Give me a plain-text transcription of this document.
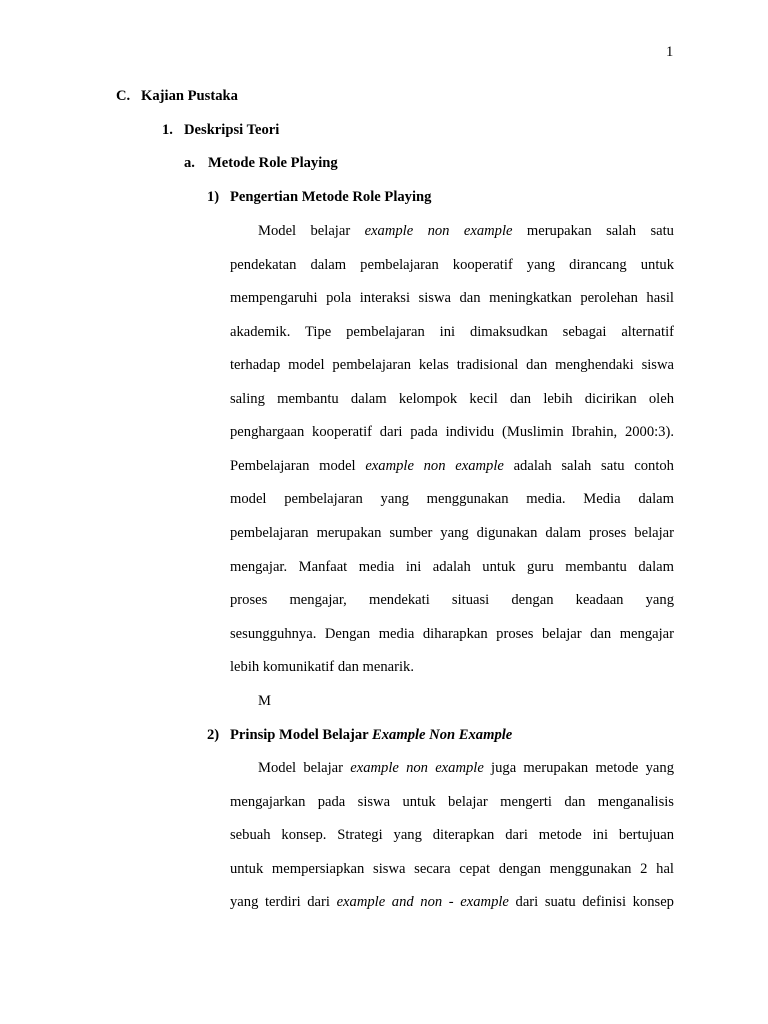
1
C. Kajian Pustaka
1. Deskripsi Teori
a. Metode Role Playing
1) Pengertian Metode Role Playing
Model belajar example non example merupakan salah satu
pendekatan dalam pembelajaran kooperatif yang dirancang untuk
mempengaruhi pola interaksi siswa dan meningkatkan perolehan hasil
akademik. Tipe pembelajaran ini dimaksudkan sebagai alternatif
terhadap model pembelajaran kelas tradisional dan menghendaki siswa
saling membantu dalam kelompok kecil dan lebih dicirikan oleh
penghargaan kooperatif dari pada individu (Muslimin Ibrahin, 2000:3).
Pembelajaran model example non example adalah salah satu contoh
model pembelajaran yang menggunakan media. Media dalam
pembelajaran merupakan sumber yang digunakan dalam proses belajar
mengajar. Manfaat media ini adalah untuk guru membantu dalam
proses mengajar, mendekati situasi dengan keadaan yang
sesungguhnya. Dengan media diharapkan proses belajar dan mengajar
lebih komunikatif dan menarik.
M
2) Prinsip Model Belajar Example Non Example
Model belajar example non example juga merupakan metode yang
mengajarkan pada siswa untuk belajar mengerti dan menganalisis
sebuah konsep. Strategi yang diterapkan dari metode ini bertujuan
untuk mempersiapkan siswa secara cepat dengan menggunakan 2 hal
yang terdiri dari example and non - example dari suatu definisi konsep
